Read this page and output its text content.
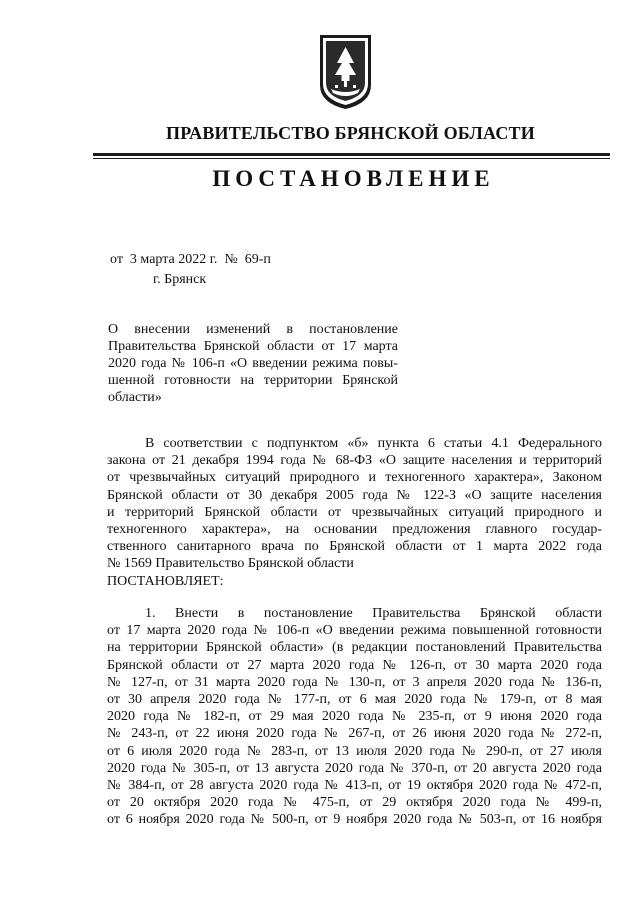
ПРАВИТЕЛЬСТВО БРЯНСКОЙ ОБЛАСТИ
ПОСТАНОВЛЕНИЕ
от  3 марта 2022 г.  №  69-п
г. Брянск
О внесении изменений в постановление
Правительства Брянской области от 17 марта
2020 года № 106-п «О введении режима повы-
шенной готовности на территории Брянской
области»
В соответствии с подпунктом «б» пункта 6 статьи 4.1 Федерального
закона от 21 декабря 1994 года № 68-ФЗ «О защите населения и территорий
от чрезвычайных ситуаций природного и техногенного характера», Законом
Брянской области от 30 декабря 2005 года № 122-З «О защите населения
и территорий Брянской области от чрезвычайных ситуаций природного и
техногенного характера», на основании предложения главного государ-
ственного санитарного врача по Брянской области от 1 марта 2022 года
№ 1569 Правительство Брянской области
ПОСТАНОВЛЯЕТ:
1. Внести в постановление Правительства Брянской области
от 17 марта 2020 года № 106-п «О введении режима повышенной готовности
на территории Брянской области» (в редакции постановлений Правительства
Брянской области от 27 марта 2020 года № 126-п, от 30 марта 2020 года
№ 127-п, от 31 марта 2020 года № 130-п, от 3 апреля 2020 года № 136-п,
от 30 апреля 2020 года № 177-п, от 6 мая 2020 года № 179-п, от 8 мая
2020 года № 182-п, от 29 мая 2020 года № 235-п, от 9 июня 2020 года
№ 243-п, от 22 июня 2020 года № 267-п, от 26 июня 2020 года № 272-п,
от 6 июля 2020 года № 283-п, от 13 июля 2020 года № 290-п, от 27 июля
2020 года № 305-п, от 13 августа 2020 года № 370-п, от 20 августа 2020 года
№ 384-п, от 28 августа 2020 года № 413-п, от 19 октября 2020 года № 472-п,
от 20 октября 2020 года № 475-п, от 29 октября 2020 года № 499-п,
от 6 ноября 2020 года № 500-п, от 9 ноября 2020 года № 503-п, от 16 ноября
